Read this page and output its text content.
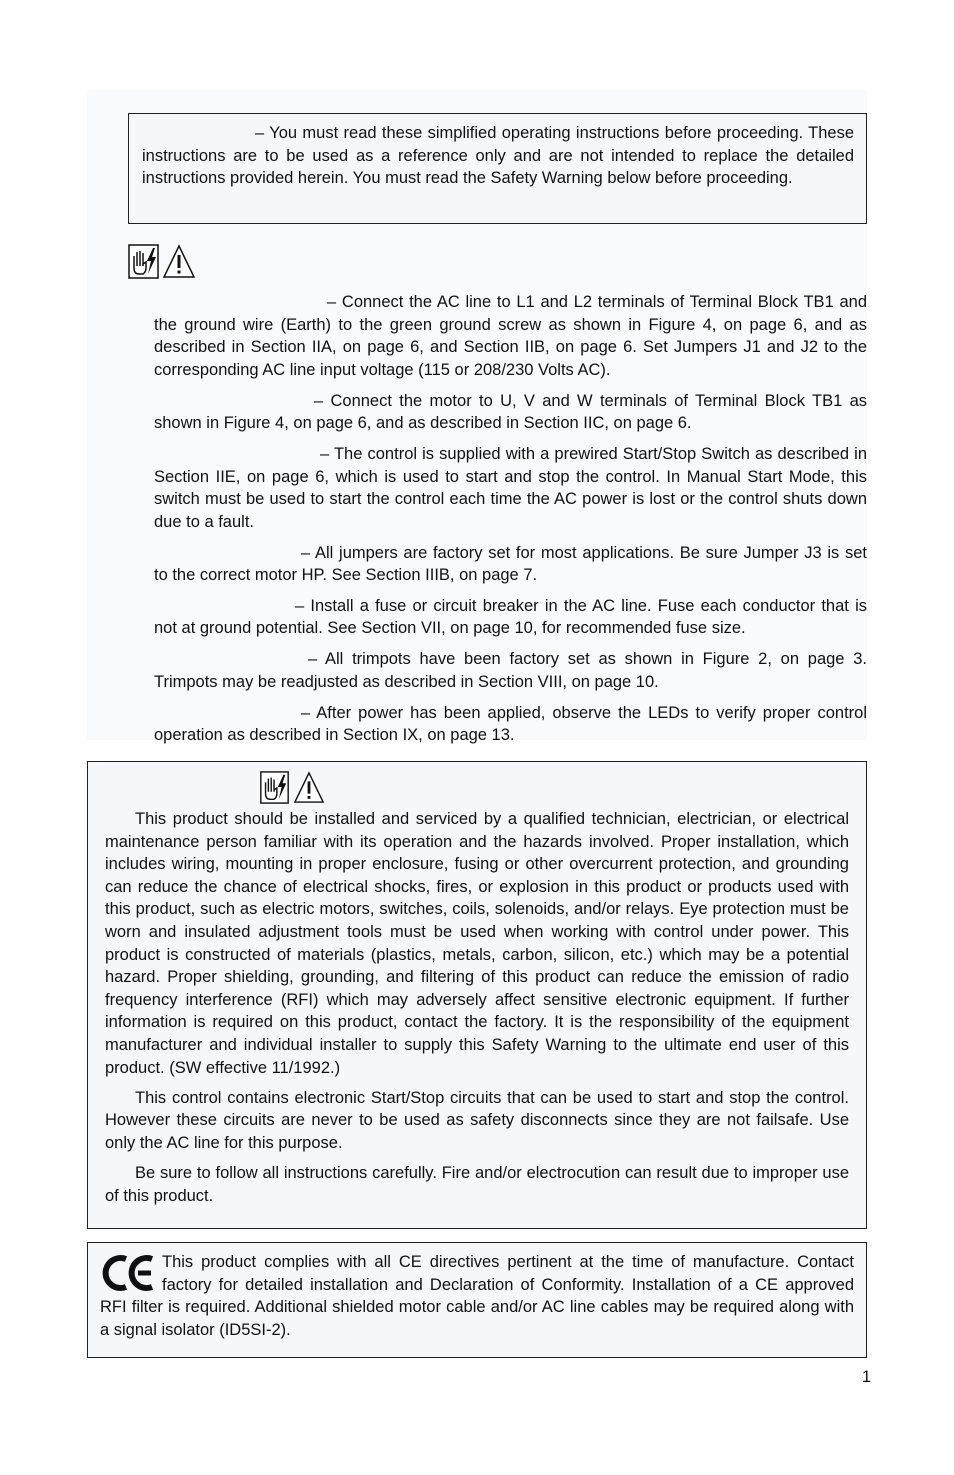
– You must read these simplified operating instructions before proceeding. These instructions are to be used as a reference only and are not intended to replace the detailed instructions provided herein. You must read the Safety Warning below before proceeding.

– Connect the AC line to L1 and L2 terminals of Terminal Block TB1 and the ground wire (Earth) to the green ground screw as shown in Figure 4, on page 6, and as described in Section IIA, on page 6, and Section IIB, on page 6. Set Jumpers J1 and J2 to the corresponding AC line input voltage (115 or 208/230 Volts AC).

– Connect the motor to U, V and W terminals of Terminal Block TB1 as shown in Figure 4, on page 6, and as described in Section IIC, on page 6.

– The control is supplied with a prewired Start/Stop Switch as described in Section IIE, on page 6, which is used to start and stop the control. In Manual Start Mode, this switch must be used to start the control each time the AC power is lost or the control shuts down due to a fault.

– All jumpers are factory set for most applications. Be sure Jumper J3 is set to the correct motor HP. See Section IIIB, on page 7.

– Install a fuse or circuit breaker in the AC line. Fuse each conductor that is not at ground potential. See Section VII, on page 10, for recommended fuse size.

– All trimpots have been factory set as shown in Figure 2, on page 3. Trimpots may be readjusted as described in Section VIII, on page 10.

– After power has been applied, observe the LEDs to verify proper control operation as described in Section IX, on page 13.

This product should be installed and serviced by a qualified technician, electrician, or electrical maintenance person familiar with its operation and the hazards involved. Proper installation, which includes wiring, mounting in proper enclosure, fusing or other overcurrent protection, and grounding can reduce the chance of electrical shocks, fires, or explosion in this product or products used with this product, such as electric motors, switches, coils, solenoids, and/or relays. Eye protection must be worn and insulated adjustment tools must be used when working with control under power. This product is constructed of materials (plastics, metals, carbon, silicon, etc.) which may be a potential hazard. Proper shielding, grounding, and filtering of this product can reduce the emission of radio frequency interference (RFI) which may adversely affect sensitive electronic equipment. If further information is required on this product, contact the factory. It is the responsibility of the equipment manufacturer and individual installer to supply this Safety Warning to the ultimate end user of this product. (SW effective 11/1992.)

This control contains electronic Start/Stop circuits that can be used to start and stop the control. However these circuits are never to be used as safety disconnects since they are not failsafe. Use only the AC line for this purpose.

Be sure to follow all instructions carefully. Fire and/or electrocution can result due to improper use of this product.

This product complies with all CE directives pertinent at the time of manufacture. Contact factory for detailed installation and Declaration of Conformity. Installation of a CE approved RFI filter is required. Additional shielded motor cable and/or AC line cables may be required along with a signal isolator (ID5SI-2).

1
